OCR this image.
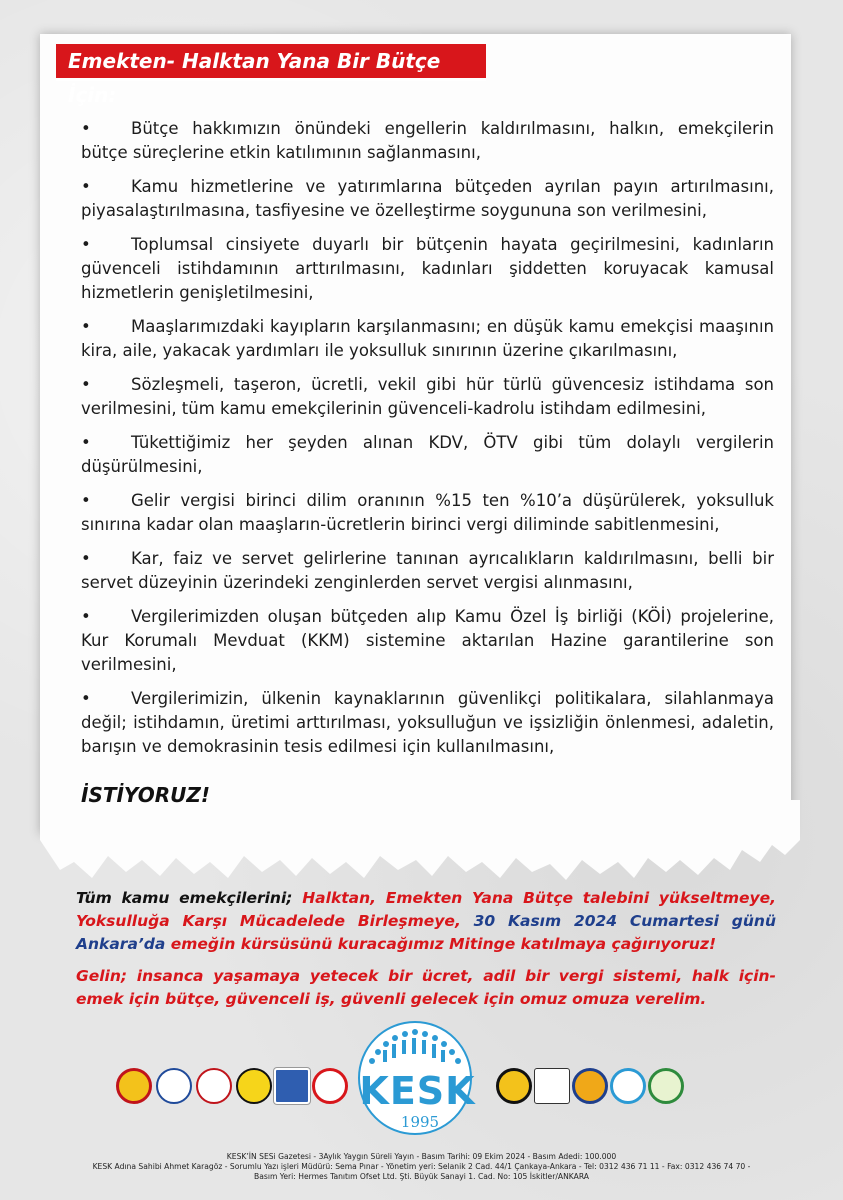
Emekten- Halktan Yana Bir Bütçe İçin:
• Bütçe hakkımızın önündeki engellerin kaldırılmasını, halkın, emekçilerin bütçe süreçlerine etkin katılımının sağlanmasını,
• Kamu hizmetlerine ve yatırımlarına bütçeden ayrılan payın artırılmasını, piyasalaştırılmasına, tasfiyesine ve özelleştirme soygununa son verilmesini,
• Toplumsal cinsiyete duyarlı bir bütçenin hayata geçirilmesini, kadınların güvenceli istihdamının arttırılmasını, kadınları şiddetten koruyacak kamusal hizmetlerin genişletilmesini,
• Maaşlarımızdaki kayıpların karşılanmasını; en düşük kamu emekçisi maaşının kira, aile, yakacak yardımları ile yoksulluk sınırının üzerine çıkarılmasını,
• Sözleşmeli, taşeron, ücretli, vekil gibi hür türlü güvencesiz istihdama son verilmesini, tüm kamu emekçilerinin güvenceli-kadrolu istihdam edilmesini,
• Tükettiğimiz her şeyden alınan KDV, ÖTV gibi tüm dolaylı vergilerin düşürülmesini,
• Gelir vergisi birinci dilim oranının %15 ten %10’a düşürülerek, yoksulluk sınırına kadar olan maaşların-ücretlerin birinci vergi diliminde sabitlenmesini,
• Kar, faiz ve servet gelirlerine tanınan ayrıcalıkların kaldırılmasını, belli bir servet düzeyinin üzerindeki zenginlerden servet vergisi alınmasını,
• Vergilerimizden oluşan bütçeden alıp Kamu Özel İş birliği (KÖİ) projelerine, Kur Korumalı Mevduat (KKM) sistemine aktarılan Hazine garantilerine son verilmesini,
• Vergilerimizin, ülkenin kaynaklarının güvenlikçi politikalara, silahlanmaya değil; istihdamın, üretimi arttırılması, yoksulluğun ve işsizliğin önlenmesi, adaletin, barışın ve demokrasinin tesis edilmesi için kullanılmasını,
İSTİYORUZ!
Tüm kamu emekçilerini; Halktan, Emekten Yana Bütçe talebini yükseltmeye, Yoksulluğa Karşı Mücadelede Birleşmeye, 30 Kasım 2024 Cumartesi günü Ankara’da emeğin kürsüsünü kuracağımız Mitinge katılmaya çağırıyoruz!
Gelin; insanca yaşamaya yetecek bir ücret, adil bir vergi sistemi, halk için-emek için bütçe, güvenceli iş, güvenli gelecek için omuz omuza verelim.
KESK
1995
KESK’İN SESi Gazetesi - 3Aylık Yaygın Süreli Yayın - Basım Tarihi: 09 Ekim 2024 - Basım Adedi: 100.000
KESK Adına Sahibi Ahmet Karagöz - Sorumlu Yazı işleri Müdürü: Sema Pınar - Yönetim yeri: Selanik 2 Cad. 44/1 Çankaya-Ankara - Tel: 0312 436 71 11 - Fax: 0312 436 74 70 -
Basım Yeri: Hermes Tanıtım Ofset Ltd. Şti. Büyük Sanayi 1. Cad. No: 105 İskitler/ANKARA
